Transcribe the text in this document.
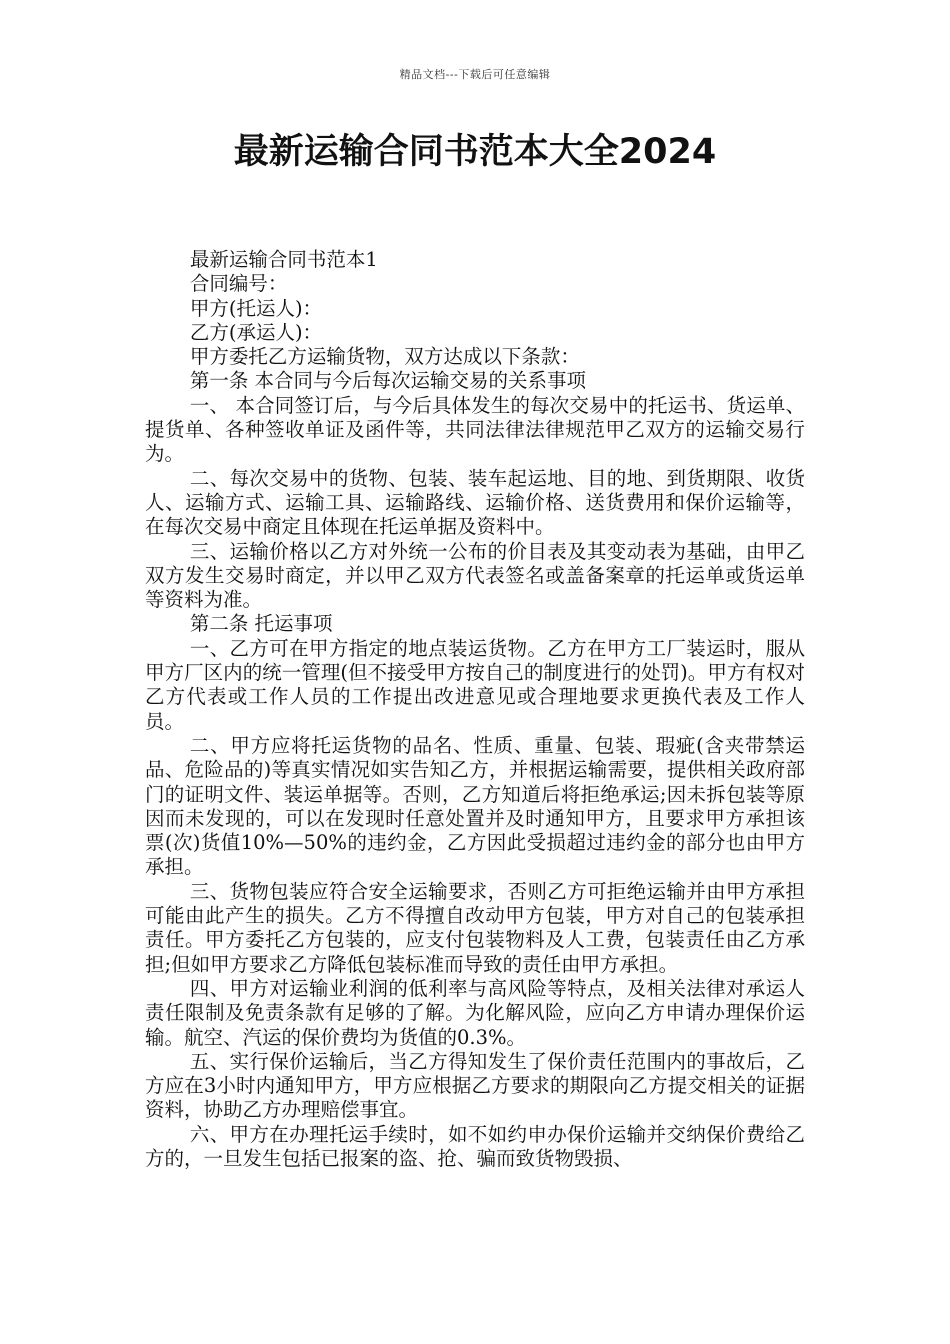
精品文档---下载后可任意编辑
最新运输合同书范本大全2024

最新运输合同书范本1

合同编号：

甲方(托运人)：

乙方(承运人)：

甲方委托乙方运输货物，双方达成以下条款：

第一条 本合同与今后每次运输交易的关系事项

一、 本合同签订后，与今后具体发生的每次交易中的托运书、货运单、提货单、各种签收单证及函件等，共同法律法律规范甲乙双方的运输交易行为。

二、每次交易中的货物、包装、装车起运地、目的地、到货期限、收货人、运输方式、运输工具、运输路线、运输价格、送货费用和保价运输等，在每次交易中商定且体现在托运单据及资料中。

三、运输价格以乙方对外统一公布的价目表及其变动表为基础，由甲乙双方发生交易时商定，并以甲乙双方代表签名或盖备案章的托运单或货运单等资料为准。

第二条 托运事项

一、乙方可在甲方指定的地点装运货物。乙方在甲方工厂装运时，服从甲方厂区内的统一管理(但不接受甲方按自己的制度进行的处罚)。甲方有权对乙方代表或工作人员的工作提出改进意见或合理地要求更换代表及工作人员。

二、甲方应将托运货物的品名、性质、重量、包装、瑕疵(含夹带禁运品、危险品的)等真实情况如实告知乙方，并根据运输需要，提供相关政府部门的证明文件、装运单据等。否则，乙方知道后将拒绝承运;因未拆包装等原因而未发现的，可以在发现时任意处置并及时通知甲方，且要求甲方承担该票(次)货值10%—50%的违约金，乙方因此受损超过违约金的部分也由甲方承担。

三、货物包装应符合安全运输要求，否则乙方可拒绝运输并由甲方承担可能由此产生的损失。乙方不得擅自改动甲方包装，甲方对自己的包装承担责任。甲方委托乙方包装的，应支付包装物料及人工费，包装责任由乙方承担;但如甲方要求乙方降低包装标准而导致的责任由甲方承担。

四、甲方对运输业利润的低利率与高风险等特点，及相关法律对承运人责任限制及免责条款有足够的了解。为化解风险，应向乙方申请办理保价运输。航空、汽运的保价费均为货值的0.3%。

五、实行保价运输后，当乙方得知发生了保价责任范围内的事故后，乙方应在3小时内通知甲方，甲方应根据乙方要求的期限向乙方提交相关的证据资料，协助乙方办理赔偿事宜。

六、甲方在办理托运手续时，如不如约申办保价运输并交纳保价费给乙方的，一旦发生包括已报案的盗、抢、骗而致货物毁损、
